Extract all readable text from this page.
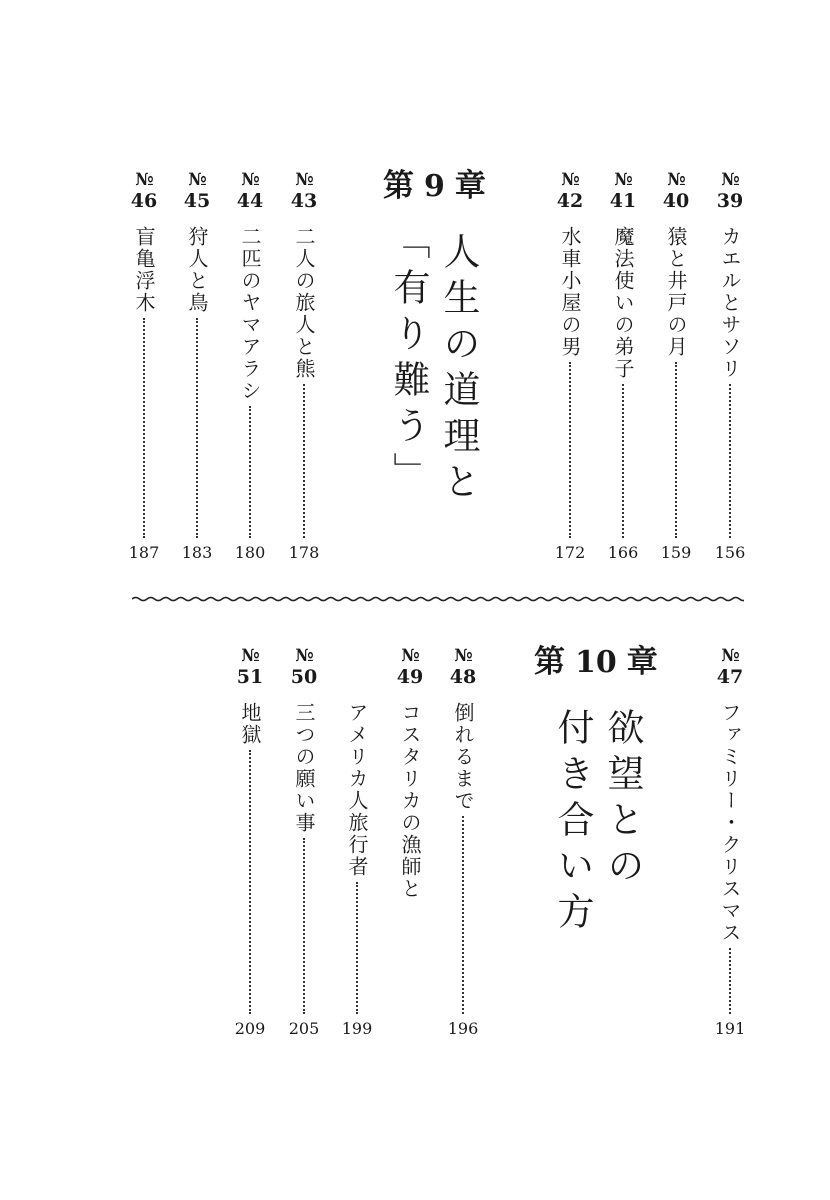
№
39
カエルとサソリ
156
№
40
猿と井戸の月
159
№
41
魔法使いの弟子
166
№
42
水車小屋の男
172
第 9 章
人生の道理と
「有り難う」
№
43
二人の旅人と熊
178
№
44
二匹のヤマアラシ
180
№
45
狩人と鳥
183
№
46
盲亀浮木
187
№
47
ファミリー・クリスマス
191
第 10 章
欲望との
付き合い方
№
48
倒れるまで
196
№
49
コスタリカの漁師と
アメリカ人旅行者
199
№
50
三つの願い事
205
№
51
地獄
209
